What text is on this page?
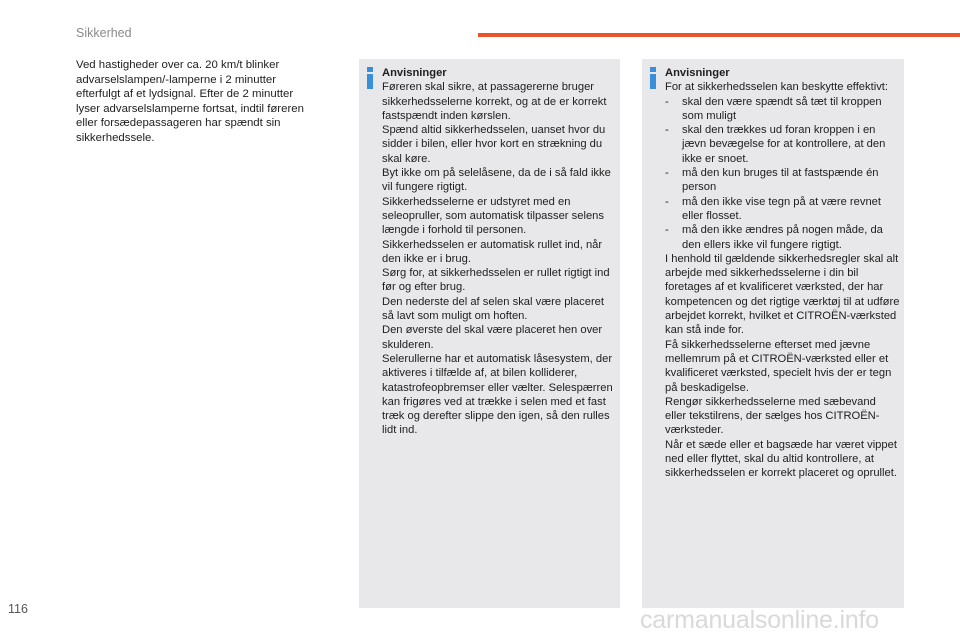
Sikkerhed
Ved hastigheder over ca. 20 km/t blinker advarselslampen/-lamperne i 2 minutter efterfulgt af et lydsignal. Efter de 2 minutter lyser advarselslamperne fortsat, indtil føreren eller forsædepassageren har spændt sin sikkerhedssele.
Anvisninger

Føreren skal sikre, at passagererne bruger sikkerhedsselerne korrekt, og at de er korrekt fastspændt inden kørslen.

Spænd altid sikkerhedsselen, uanset hvor du sidder i bilen, eller hvor kort en strækning du skal køre.

Byt ikke om på selelåsene, da de i så fald ikke vil fungere rigtigt.

Sikkerhedsselerne er udstyret med en seleopruller, som automatisk tilpasser selens længde i forhold til personen.

Sikkerhedsselen er automatisk rullet ind, når den ikke er i brug.

Sørg for, at sikkerhedsselen er rullet rigtigt ind før og efter brug.

Den nederste del af selen skal være placeret så lavt som muligt om hoften.

Den øverste del skal være placeret hen over skulderen.

Selerullerne har et automatisk låsesystem, der aktiveres i tilfælde af, at bilen kolliderer, katastrofeopbremser eller vælter. Selespærren kan frigøres ved at trække i selen med et fast træk og derefter slippe den igen, så den rulles lidt ind.

Anvisninger

For at sikkerhedsselen kan beskytte effektivt:

- skal den være spændt så tæt til kroppen som muligt
- skal den trækkes ud foran kroppen i en jævn bevægelse for at kontrollere, at den ikke er snoet.
- må den kun bruges til at fastspænde én person
- må den ikke vise tegn på at være revnet eller flosset.
- må den ikke ændres på nogen måde, da den ellers ikke vil fungere rigtigt.

I henhold til gældende sikkerhedsregler skal alt arbejde med sikkerhedsselerne i din bil foretages af et kvalificeret værksted, der har kompetencen og det rigtige værktøj til at udføre arbejdet korrekt, hvilket et CITROËN-værksted kan stå inde for.

Få sikkerhedsselerne efterset med jævne mellemrum på et CITROËN-værksted eller et kvalificeret værksted, specielt hvis der er tegn på beskadigelse.

Rengør sikkerhedsselerne med sæbevand eller tekstilrens, der sælges hos CITROËN-værksteder.

Når et sæde eller et bagsæde har været vippet ned eller flyttet, skal du altid kontrollere, at sikkerhedsselen er korrekt placeret og oprullet.

116	carmanualsonline.info
